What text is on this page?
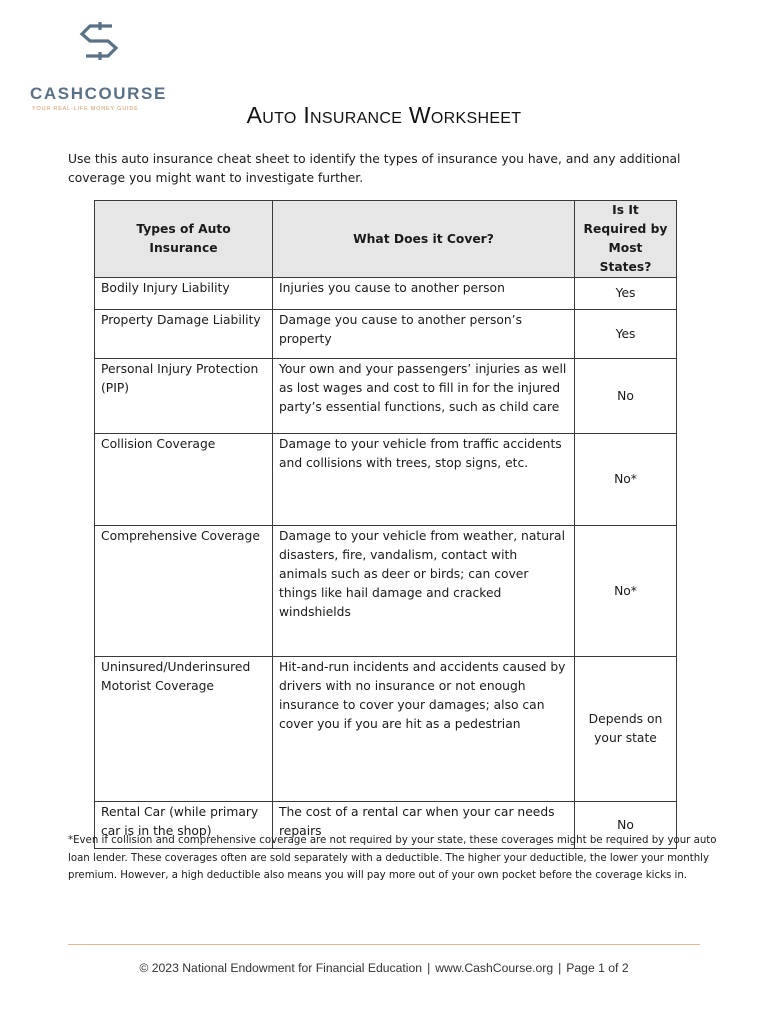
CASHCOURSE
YOUR REAL-LIFE MONEY GUIDE	Auto Insurance Worksheet
Use this auto insurance cheat sheet to identify the types of insurance you have, and any additional coverage you might want to investigate further.
Types of Auto Insurance	What Does it Cover?	Is It Required by Most States?
Bodily Injury Liability	Injuries you cause to another person	Yes
Property Damage Liability	Damage you cause to another person’s property	Yes
Personal Injury Protection (PIP)	Your own and your passengers’ injuries as well as lost wages and cost to fill in for the injured party’s essential functions, such as child care	No
Collision Coverage	Damage to your vehicle from traffic accidents and collisions with trees, stop signs, etc.	No*
Comprehensive Coverage	Damage to your vehicle from weather, natural disasters, fire, vandalism, contact with animals such as deer or birds; can cover things like hail damage and cracked windshields	No*
Uninsured/Underinsured Motorist Coverage	Hit-and-run incidents and accidents caused by drivers with no insurance or not enough insurance to cover your damages; also can cover you if you are hit as a pedestrian	Depends on your state
Rental Car (while primary car is in the shop)	The cost of a rental car when your car needs repairs	No
*Even if collision and comprehensive coverage are not required by your state, these coverages might be required by your auto loan lender. These coverages often are sold separately with a deductible. The higher your deductible, the lower your monthly premium. However, a high deductible also means you will pay more out of your own pocket before the coverage kicks in.
© 2023 National Endowment for Financial Education | www.CashCourse.org | Page 1 of 2
